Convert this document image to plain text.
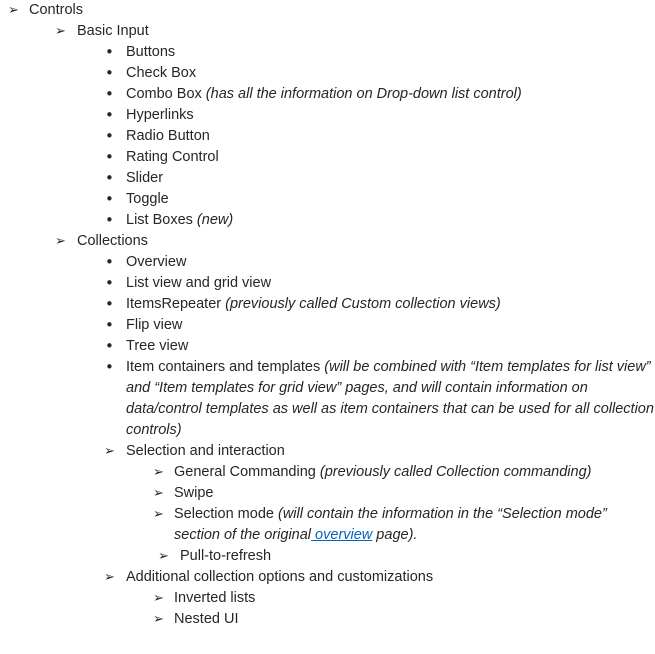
➢ Controls
➢ Basic Input
• Buttons
• Check Box
• Combo Box (has all the information on Drop-down list control)
• Hyperlinks
• Radio Button
• Rating Control
• Slider
• Toggle
• List Boxes (new)
➢ Collections
• Overview
• List view and grid view
• ItemsRepeater (previously called Custom collection views)
• Flip view
• Tree view
• Item containers and templates (will be combined with “Item templates for list view” and “Item templates for grid view” pages, and will contain information on data/control templates as well as item containers that can be used for all collection controls)
➢ Selection and interaction
➢ General Commanding (previously called Collection commanding)
➢ Swipe
➢ Selection mode (will contain the information in the “Selection mode” section of the original overview page).
➢ Pull-to-refresh
➢ Additional collection options and customizations
➢ Inverted lists
➢ Nested UI
